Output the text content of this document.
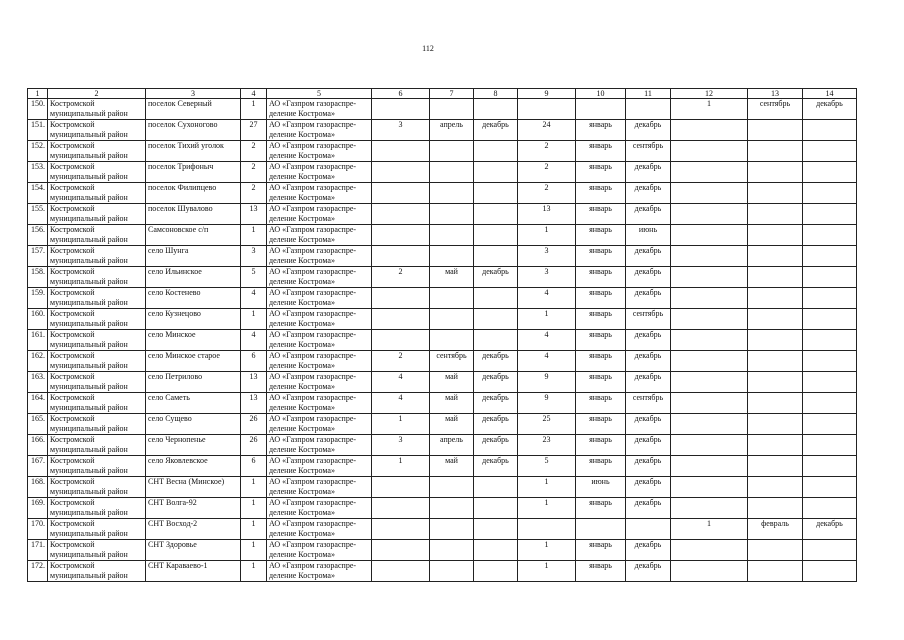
112
1	2	3	4	5	6	7	8	9	10	11	12	13	14
150.	Костромской муниципальный район	поселок Северный	1	АО «Газпром газораспре-деление Кострома»							1	сентябрь	декабрь
151.	Костромской муниципальный район	поселок Сухоногово	27	АО «Газпром газораспре-деление Кострома»	3	апрель	декабрь	24	январь	декабрь			
152.	Костромской муниципальный район	поселок Тихий уголок	2	АО «Газпром газораспре-деление Кострома»				2	январь	сентябрь			
153.	Костромской муниципальный район	поселок Трифоныч	2	АО «Газпром газораспре-деление Кострома»				2	январь	декабрь			
154.	Костромской муниципальный район	поселок Филипцево	2	АО «Газпром газораспре-деление Кострома»				2	январь	декабрь			
155.	Костромской муниципальный район	поселок Шувалово	13	АО «Газпром газораспре-деление Кострома»				13	январь	декабрь			
156.	Костромской муниципальный район	Самсоновское с/п	1	АО «Газпром газораспре-деление Кострома»				1	январь	июнь			
157.	Костромской муниципальный район	село Шунга	3	АО «Газпром газораспре-деление Кострома»				3	январь	декабрь			
158.	Костромской муниципальный район	село Ильинское	5	АО «Газпром газораспре-деление Кострома»	2	май	декабрь	3	январь	декабрь			
159.	Костромской муниципальный район	село Костенево	4	АО «Газпром газораспре-деление Кострома»				4	январь	декабрь			
160.	Костромской муниципальный район	село Кузнецово	1	АО «Газпром газораспре-деление Кострома»				1	январь	сентябрь			
161.	Костромской муниципальный район	село Минское	4	АО «Газпром газораспре-деление Кострома»				4	январь	декабрь			
162.	Костромской муниципальный район	село Минское старое	6	АО «Газпром газораспре-деление Кострома»	2	сентябрь	декабрь	4	январь	декабрь			
163.	Костромской муниципальный район	село Петрилово	13	АО «Газпром газораспре-деление Кострома»	4	май	декабрь	9	январь	декабрь			
164.	Костромской муниципальный район	село Саметь	13	АО «Газпром газораспре-деление Кострома»	4	май	декабрь	9	январь	сентябрь			
165.	Костромской муниципальный район	село Сущево	26	АО «Газпром газораспре-деление Кострома»	1	май	декабрь	25	январь	декабрь			
166.	Костромской муниципальный район	село Чернопенье	26	АО «Газпром газораспре-деление Кострома»	3	апрель	декабрь	23	январь	декабрь			
167.	Костромской муниципальный район	село Яковлевское	6	АО «Газпром газораспре-деление Кострома»	1	май	декабрь	5	январь	декабрь			
168.	Костромской муниципальный район	СНТ Весна (Минское)	1	АО «Газпром газораспре-деление Кострома»				1	июнь	декабрь			
169.	Костромской муниципальный район	СНТ Волга-92	1	АО «Газпром газораспре-деление Кострома»				1	январь	декабрь			
170.	Костромской муниципальный район	СНТ Восход-2	1	АО «Газпром газораспре-деление Кострома»							1	февраль	декабрь
171.	Костромской муниципальный район	СНТ Здоровье	1	АО «Газпром газораспре-деление Кострома»				1	январь	декабрь			
172.	Костромской муниципальный район	СНТ Караваево-1	1	АО «Газпром газораспре-деление Кострома»				1	январь	декабрь			
